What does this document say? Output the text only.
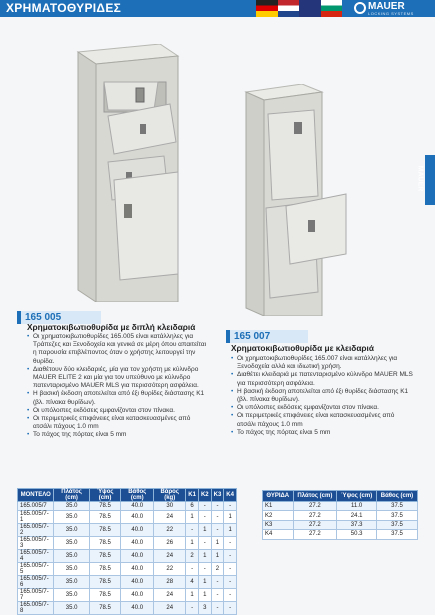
ΧΡΗΜΑΤΟΘΥΡΙΔΕΣ	MAUER
LOCKING SYSTEMS
MAUER
165 005
Χρηματοκιβωτιοθυρίδα με διπλή κλειδαριά
• Οι χρηματοκιβωτιοθυρίδες 165.005 είναι κατάλληλες για Τράπεζες και Ξενοδοχεία και γενικά σε μέρη όπου απαιτείται η παρουσία επιβλέποντος όταν ο χρήστης λειτουργεί την θυρίδα.
• Διαθέτουν δύο κλειδαριές, μία για τον χρήστη με κύλινδρο MAUER ELITE 2 και μία για τον υπεύθυνο με κύλινδρο πατενταρισμένο MAUER MLS για περισσότερη ασφάλεια.
• Η βασική έκδοση αποτελείται από έξι θυρίδες διάστασης Κ1 (βλ. πίνακα θυρίδων).
• Οι υπόλοιπες εκδόσεις εμφανίζονται στον πίνακα.
• Οι περιμετρικές επιφάνειες είναι κατασκευασμένες από ατσάλι πάχους 1.0 mm
• Το πάχος της πόρτας είναι 5 mm
165 007
Χρηματοκιβωτιοθυρίδα με κλειδαριά
• Οι χρηματοκιβωτιοθυρίδες 165.007 είναι κατάλληλες για Ξενοδοχεία αλλά και ιδιωτική χρήση.
• Διαθέτει κλειδαριά με πατενταρισμένο κύλινδρο MAUER MLS για περισσότερη ασφάλεια.
• Η βασική έκδοση αποτελείται από έξι θυρίδες διάστασης Κ1 (βλ. πίνακα θυρίδων).
• Οι υπόλοιπες εκδόσεις εμφανίζονται στον πίνακα.
• Οι περιμετρικές επιφάνειες είναι κατασκευασμένες από ατσάλι πάχους 1.0 mm
• Το πάχος της πόρτας είναι 5 mm
ΜΟΝΤΕΛΟ	Πλάτος (cm)	Ύψος (cm)	Βάθος (cm)	Βάρος (kg)	Κ1	Κ2	Κ3	Κ4
165.005/7	35.0	78.5	40.0	30	6	-	-	-
165.005/7-1	35.0	78.5	40.0	24	1	-	-	1
165.005/7-2	35.0	78.5	40.0	22	-	1	-	1
165.005/7-3	35.0	78.5	40.0	26	1	-	1	-
165.005/7-4	35.0	78.5	40.0	24	2	1	1	-
165.005/7-5	35.0	78.5	40.0	22	-	-	2	-
165.005/7-6	35.0	78.5	40.0	28	4	1	-	-
165.005/7-7	35.0	78.5	40.0	24	1	1	-	-
165.005/7-8	35.0	78.5	40.0	24	-	3	-	-
ΘΥΡΙΔΑ	Πλάτος (cm)	Ύψος (cm)	Βάθος (cm)
Κ1	27.2	11.0	37.5
Κ2	27.2	24.1	37.5
Κ3	27.2	37.3	37.5
Κ4	27.2	50.3	37.5
